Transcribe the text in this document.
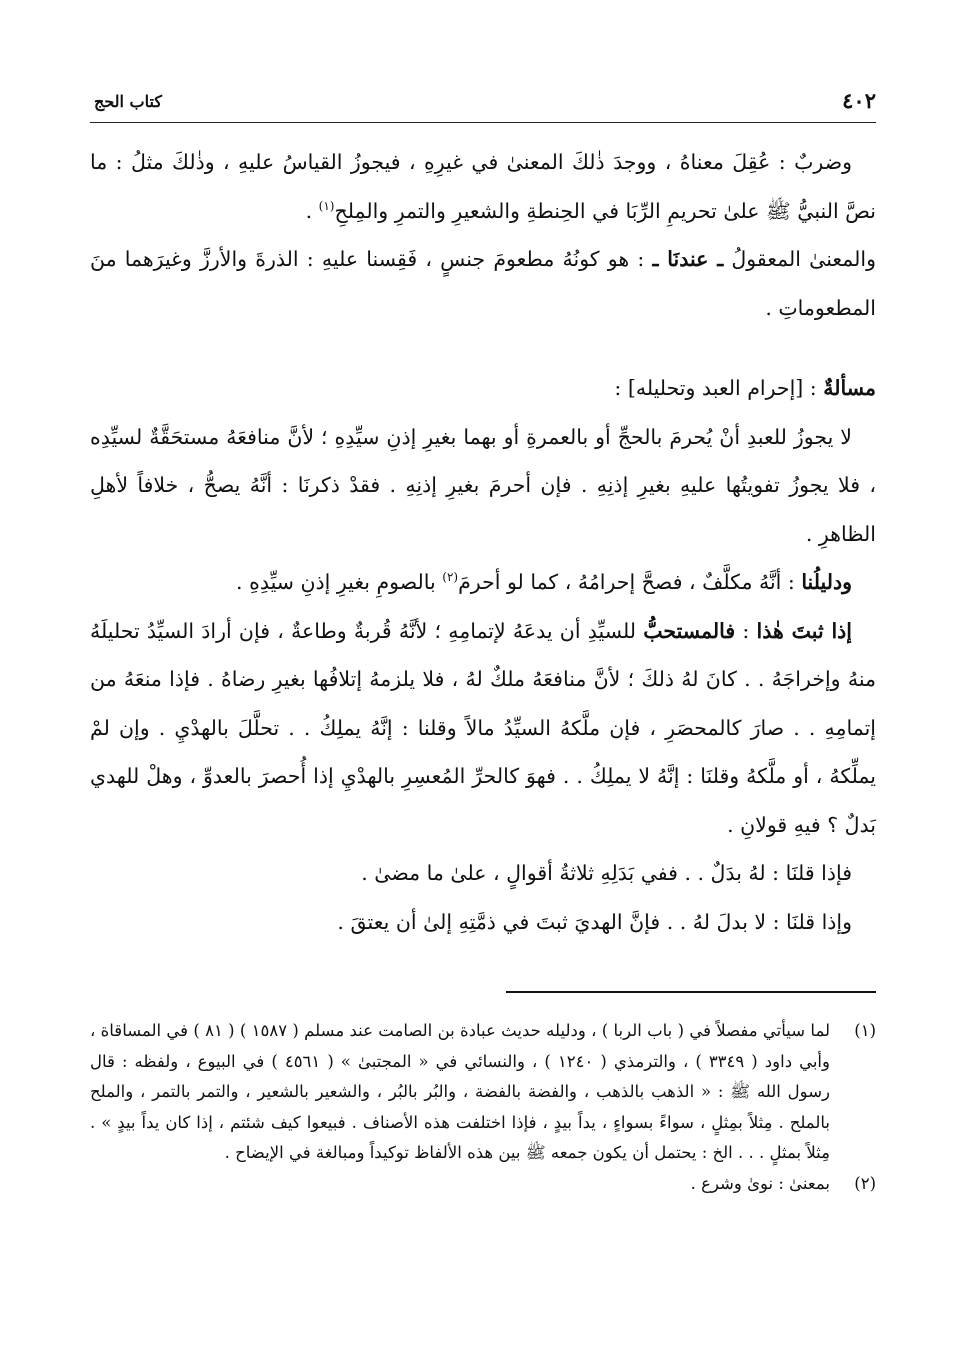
٤٠٢
كتاب الحج

وضربٌ : عُقِلَ معناهُ ، ووجدَ ذٰلكَ المعنىٰ في غيرِهِ ، فيجوزُ القياسُ عليهِ ، وذٰلكَ مثلُ : ما نصَّ النبيُّ ﷺ علىٰ تحريمِ الرِّبَا في الحِنطةِ والشعيرِ والتمرِ والمِلحِ$^{(١)}$ .

والمعنىٰ المعقولُ ـ عندنَا ـ : هو كونُهُ مطعومَ جنسٍ ، فَقِسنا عليهِ : الذرةَ والأرزَّ وغيرَهما منَ المطعوماتِ .

مسألةٌ : [إحرام العبد وتحليله] :

لا يجوزُ للعبدِ أنْ يُحرمَ بالحجِّ أو بالعمرةِ أو بهما بغيرِ إذنِ سيِّدِهِ ؛ لأنَّ منافعَهُ مستحَقَّةٌ لسيِّدِه ، فلا يجوزُ تفويتُها عليهِ بغيرِ إذنِهِ . فإن أحرمَ بغيرِ إذنِهِ . فقدْ ذكرنَا : أنَّهُ يصحُّ ، خلافاً لأهلِ الظاهرِ .

ودليلُنا : أنَّهُ مكلَّفٌ ، فصحَّ إحرامُهُ ، كما لو أحرمَ$^{(٢)}$ بالصومِ بغيرِ إذنِ سيِّدِهِ .

إذا ثبتَ هٰذا : فالمستحبُّ للسيِّدِ أن يدعَهُ لإتمامِهِ ؛ لأنَّهُ قُربةٌ وطاعةٌ ، فإن أرادَ السيِّدُ تحليلَهُ منهُ وإخراجَهُ . . كانَ لهُ ذلكَ ؛ لأنَّ منافعَهُ ملكٌ لهُ ، فلا يلزمهُ إتلافُها بغيرِ رضاهُ . فإذا منعَهُ من إتمامِهِ . . صارَ كالمحصَرِ ، فإن ملَّكهُ السيِّدُ مالاً وقلنا : إنَّهُ يملِكُ . . تحلَّلَ بالهدْيِ . وإن لمْ يملِّكهُ ، أو ملَّكهُ وقلنَا : إنَّهُ لا يملِكُ . . فهوَ كالحرِّ المُعسِرِ بالهدْيِ إذا أُحصرَ بالعدوِّ ، وهلْ للهدي بَدلٌ ؟ فيهِ قولانِ .

فإذا قلنَا : لهُ بدَلٌ . . ففي بَدَلِهِ ثلاثةُ أقوالٍ ، علىٰ ما مضىٰ .

وإذا قلنَا : لا بدلَ لهُ . . فإنَّ الهديَ ثبتَ في ذمَّتِهِ إلىٰ أن يعتقَ .

(١)
لما سيأتي مفصلاً في ( باب الربا ) ، ودليله حديث عبادة بن الصامت عند مسلم ( ١٥٨٧ ) ( ٨١ ) في المساقاة ، وأبي داود ( ٣٣٤٩ ) ، والترمذي ( ١٢٤٠ ) ، والنسائي في « المجتبىٰ » ( ٤٥٦١ ) في البيوع ، ولفظه : قال رسول الله ﷺ : « الذهب بالذهب ، والفضة بالفضة ، والبُر بالبُر ، والشعير بالشعير ، والتمر بالتمر ، والملح بالملح . مِثلاً بمِثلٍ ، سواءً بسواءٍ ، يداً بيدٍ ، فإذا اختلفت هذه الأصناف . فبيعوا كيف شئتم ، إذا كان يداً بيدٍ » . مِثلاً بمثلٍ . . . الخ : يحتمل أن يكون جمعه ﷺ بين هذه الألفاظ توكيداً ومبالغة في الإيضاح .
(٢)
بمعنىٰ : نوىٰ وشرع .
